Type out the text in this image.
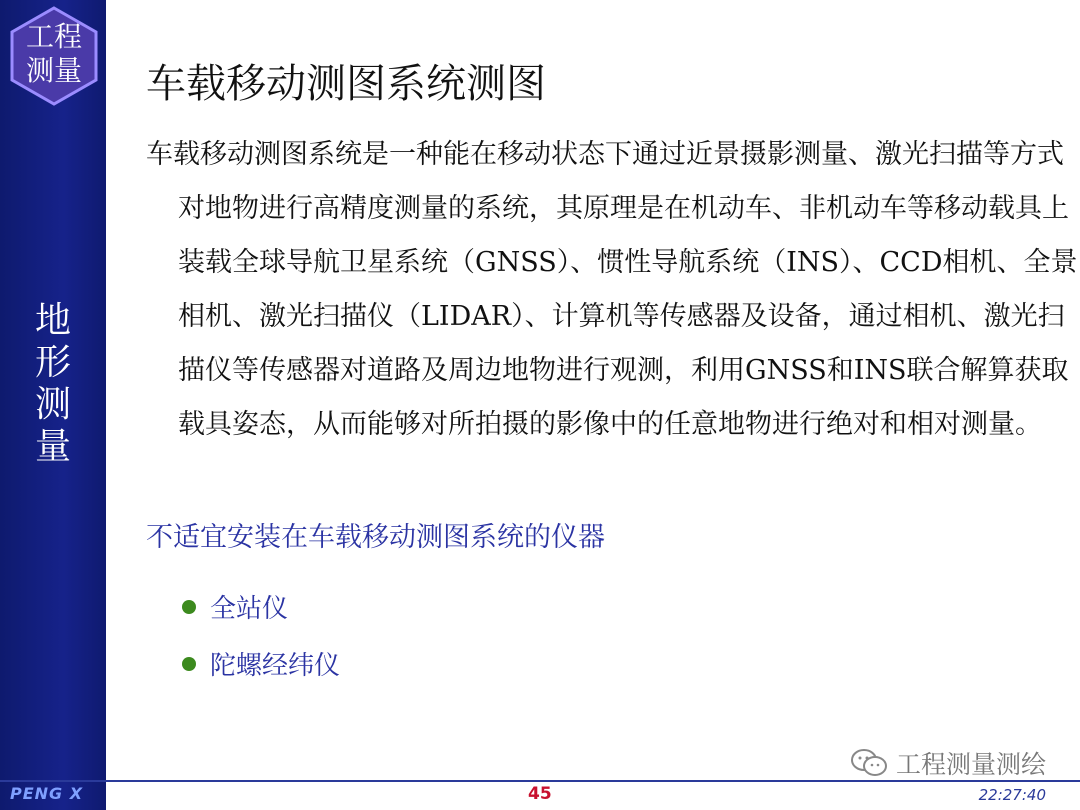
工程
测量
地
形
测
量
车载移动测图系统测图
车载移动测图系统是一种能在移动状态下通过近景摄影测量、激光扫描等方式对地物进行高精度测量的系统，其原理是在机动车、非机动车等移动载具上装载全球导航卫星系统（GNSS）、惯性导航系统（INS）、CCD相机、全景相机、激光扫描仪（LIDAR）、计算机等传感器及设备，通过相机、激光扫描仪等传感器对道路及周边地物进行观测，利用GNSS和INS联合解算获取载具姿态，从而能够对所拍摄的影像中的任意地物进行绝对和相对测量。
不适宜安装在车载移动测图系统的仪器
全站仪
陀螺经纬仪
工程测量测绘
PENG X	45	22:27:40
